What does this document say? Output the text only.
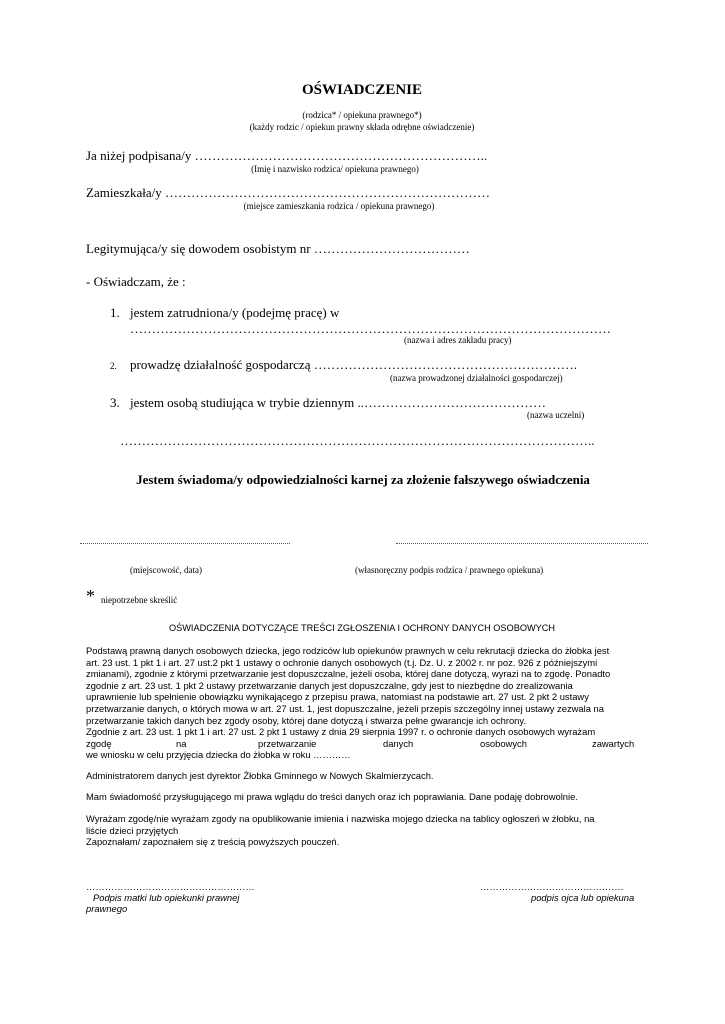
OŚWIADCZENIE
(rodzica* / opiekuna prawnego*)
(każdy rodzic / opiekun prawny składa odrębne oświadczenie)
Ja niżej podpisana/y …………………………………………………………..
(Imię i nazwisko rodzica/ opiekuna prawnego)
Zamieszkała/y …………………………………………………………………
(miejsce zamieszkania rodzica / opiekuna prawnego)
Legitymująca/y się dowodem osobistym nr ………………………………
- Oświadczam, że :
1. jestem zatrudniona/y (podejmę pracę) w
…………………………………………………………………………………………………
(nazwa i adres zakładu pracy)
2. prowadzę działalność gospodarczą …………………………………………………….
(nazwa prowadzonej działalności gospodarczej)
3. jestem osobą studiująca w trybie dziennym ..……………………………………
(nazwa uczelni)
………………………………………………………………………………………………..
Jestem świadoma/y odpowiedzialności karnej za złożenie fałszywego oświadczenia
(miejscowość, data)	(własnoręczny podpis rodzica / prawnego opiekuna)
* niepotrzebne skreślić
OŚWIADCZENIA DOTYCZĄCE TREŚCI ZGŁOSZENIA I OCHRONY DANYCH OSOBOWYCH
Podstawą prawną danych osobowych dziecka, jego rodziców lub opiekunów prawnych w celu rekrutacji dziecka do żłobka jest
art. 23 ust. 1 pkt 1 i art. 27 ust.2 pkt 1 ustawy o ochronie danych osobowych (t.j. Dz. U. z 2002 r. nr poz. 926 z późniejszymi
zmianami), zgodnie z którymi przetwarzanie jest dopuszczalne, jeżeli osoba, której dane dotyczą, wyrazi na to zgodę. Ponadto
zgodnie z art. 23 ust. 1 pkt 2 ustawy przetwarzanie danych jest dopuszczalne, gdy jest to niezbędne do zrealizowania
uprawnienie lub spełnienie obowiązku wynikającego z przepisu prawa, natomiast na podstawie art. 27 ust. 2 pkt 2 ustawy
przetwarzanie danych, o których mowa w art. 27 ust. 1, jest dopuszczalne, jeżeli przepis szczególny innej ustawy zezwala na
przetwarzanie takich danych bez zgody osoby, której dane dotyczą i stwarza pełne gwarancje ich ochrony.
Zgodnie z art. 23 ust. 1 pkt 1 i art. 27 ust. 2 pkt 1 ustawy z dnia 29 sierpnia 1997 r. o ochronie danych osobowych wyrażam
zgodę	na	przetwarzanie	danych	osobowych	zawartych
we wniosku w celu przyjęcia dziecka do żłobka w roku …………
Administratorem danych jest dyrektor Żłobka Gminnego w Nowych Skalmierzycach.
Mam świadomość przysługującego mi prawa wglądu do treści danych oraz ich poprawiania. Dane podaję dobrowolnie.
Wyrażam zgodę/nie wyrażam zgody na opublikowanie imienia i nazwiska mojego dziecka na tablicy ogłoszeń w żłobku, na
liście dzieci przyjętych
Zapoznałam/ zapoznałem się z treścią powyższych pouczeń.
………………………………………………
Podpis matki lub opiekunki prawnej
prawnego
……………………………………….
podpis ojca lub opiekuna
